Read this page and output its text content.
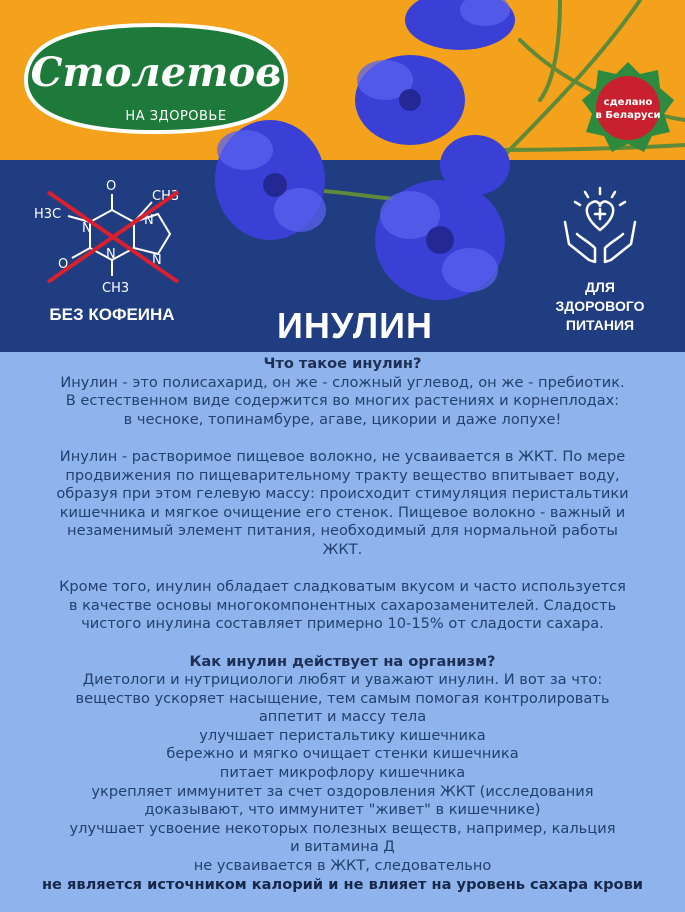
Столетов
НА ЗДОРОВЬЕ
сделано
в Беларуси
O
CH3
H3C
N
N
N
O
N
CH3
БЕЗ КОФЕИНА	ИНУЛИН
ДЛЯ
ЗДОРОВОГО
ПИТАНИЯ
Что такое инулин?
Инулин - это полисахарид, он же - сложный углевод, он же - пребиотик.
В естественном виде содержится во многих растениях и корнеплодах:
в чесноке, топинамбуре, агаве, цикории и даже лопухе!
Инулин - растворимое пищевое волокно, не усваивается в ЖКТ. По мере
продвижения по пищеварительному тракту вещество впитывает воду,
образуя при этом гелевую массу: происходит стимуляция перистальтики
кишечника и мягкое очищение его стенок. Пищевое волокно - важный и
незаменимый элемент питания, необходимый для нормальной работы
ЖКТ.
Кроме того, инулин обладает сладковатым вкусом и часто используется
в качестве основы многокомпонентных сахарозаменителей. Сладость
чистого инулина составляет примерно 10-15% от сладости сахара.
Как инулин действует на организм?
Диетологи и нутрициологи любят и уважают инулин. И вот за что:
вещество ускоряет насыщение, тем самым помогая контролировать
аппетит и массу тела
улучшает перистальтику кишечника
бережно и мягко очищает стенки кишечника
питает микрофлору кишечника
укрепляет иммунитет за счет оздоровления ЖКТ (исследования
доказывают, что иммунитет "живет" в кишечнике)
улучшает усвоение некоторых полезных веществ, например, кальция
и витамина Д
не усваивается в ЖКТ, следовательно
не является источником калорий и не влияет на уровень сахара крови
